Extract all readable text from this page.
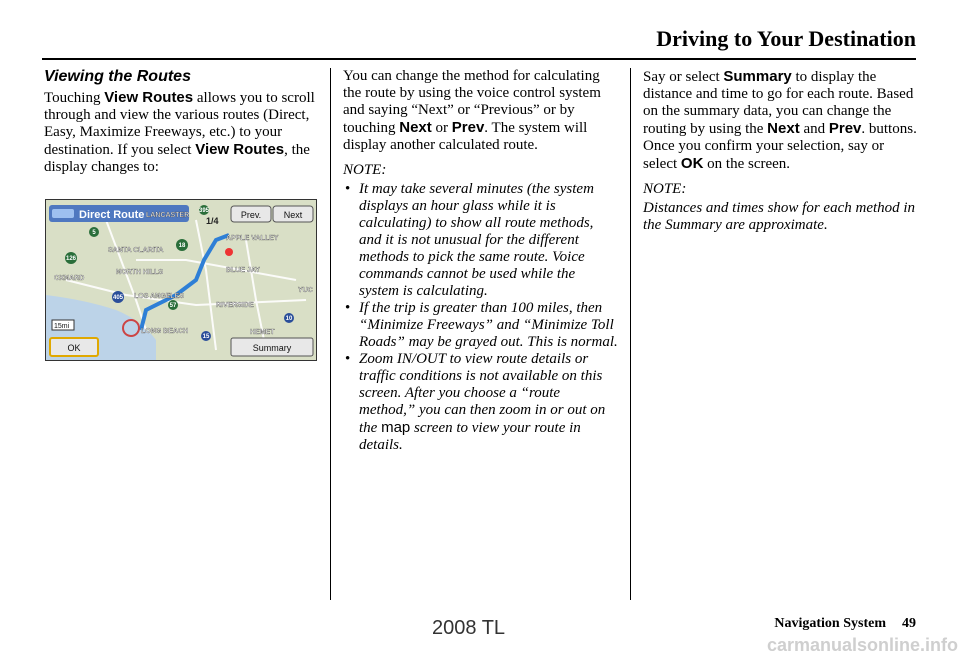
Driving to Your Destination
Viewing the Routes

Touching View Routes allows you to scroll through and view the various routes (Direct, Easy, Maximize Freeways, etc.) to your destination. If you select View Routes, the display changes to:

LANCASTER
SANTA CLARITA
APPLE VALLEY
OXNARD
NORTH HILLS	BLUE JAY
LOS ANGELES
RIVERSIDE
LONG BEACH	HEMET
YUC
5
126
18
405
57
15
10
395
Direct Route	1/4
Prev.	Next
15mi
OK	Summary

You can change the method for calculating the route by using the voice control system and saying “Next” or “Previous” or by touching Next or Prev. The system will display another calculated route.

NOTE:
• It may take several minutes (the system displays an hour glass while it is calculating) to show all route methods, and it is not unusual for the different methods to pick the same route. Voice commands cannot be used while the system is calculating.
• If the trip is greater than 100 miles, then “Minimize Freeways” and “Minimize Toll Roads” may be grayed out. This is normal.
• Zoom IN/OUT to view route details or traffic conditions is not available on this screen. After you choose a “route method,” you can then zoom in or out on the map screen to view your route in details.

Say or select Summary to display the distance and time to go for each route. Based on the summary data, you can change the routing by using the Next and Prev. buttons.

Once you confirm your selection, say or select OK on the screen.

NOTE:

Distances and times show for each method in the Summary are approximate.

Navigation System 49
2008 TL
carmanualsonline.info
